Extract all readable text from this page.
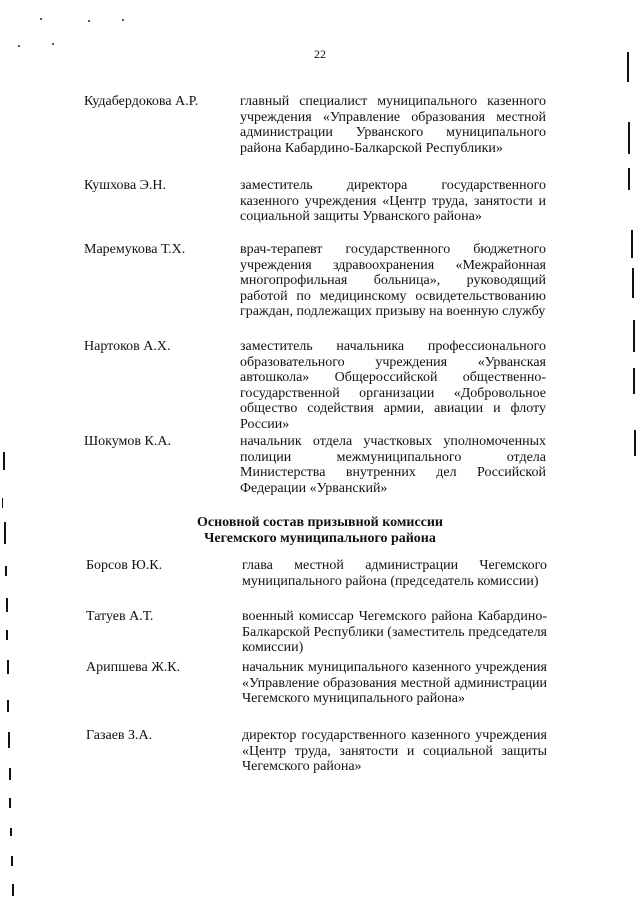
22
Кудабердокова А.Р.	главный специалист муниципального казенного учреждения «Управление образования местной администрации Урванского муниципального района Кабардино-Балкарской Республики»
Кушхова Э.Н.	заместитель директора государственного казенного учреждения «Центр труда, занятости и социальной защиты Урванского района»
Маремукова Т.Х.	врач-терапевт государственного бюджетного учреждения здравоохранения «Межрайонная многопрофильная больница», руководящий работой по медицинскому освидетельствованию граждан, подлежащих призыву на военную службу
Нартоков А.Х.	заместитель начальника профессионального образовательного учреждения «Урванская автошкола» Общероссийской общественно-государственной организации «Добровольное общество содействия армии, авиации и флоту России»
Шокумов К.А.	начальник отдела участковых уполномоченных полиции межмуниципального отдела Министерства внутренних дел Российской Федерации «Урванский»
Основной состав призывной комиссии
Чегемского муниципального района
Борсов Ю.К.	глава местной администрации Чегемского муниципального района (председатель комиссии)
Татуев А.Т.	военный комиссар Чегемского района Кабардино-Балкарской Республики (заместитель председателя комиссии)
Арипшева Ж.К.	начальник муниципального казенного учреждения «Управление образования местной администрации Чегемского муниципального района»
Газаев З.А.	директор государственного казенного учреждения «Центр труда, занятости и социальной защиты Чегемского района»
